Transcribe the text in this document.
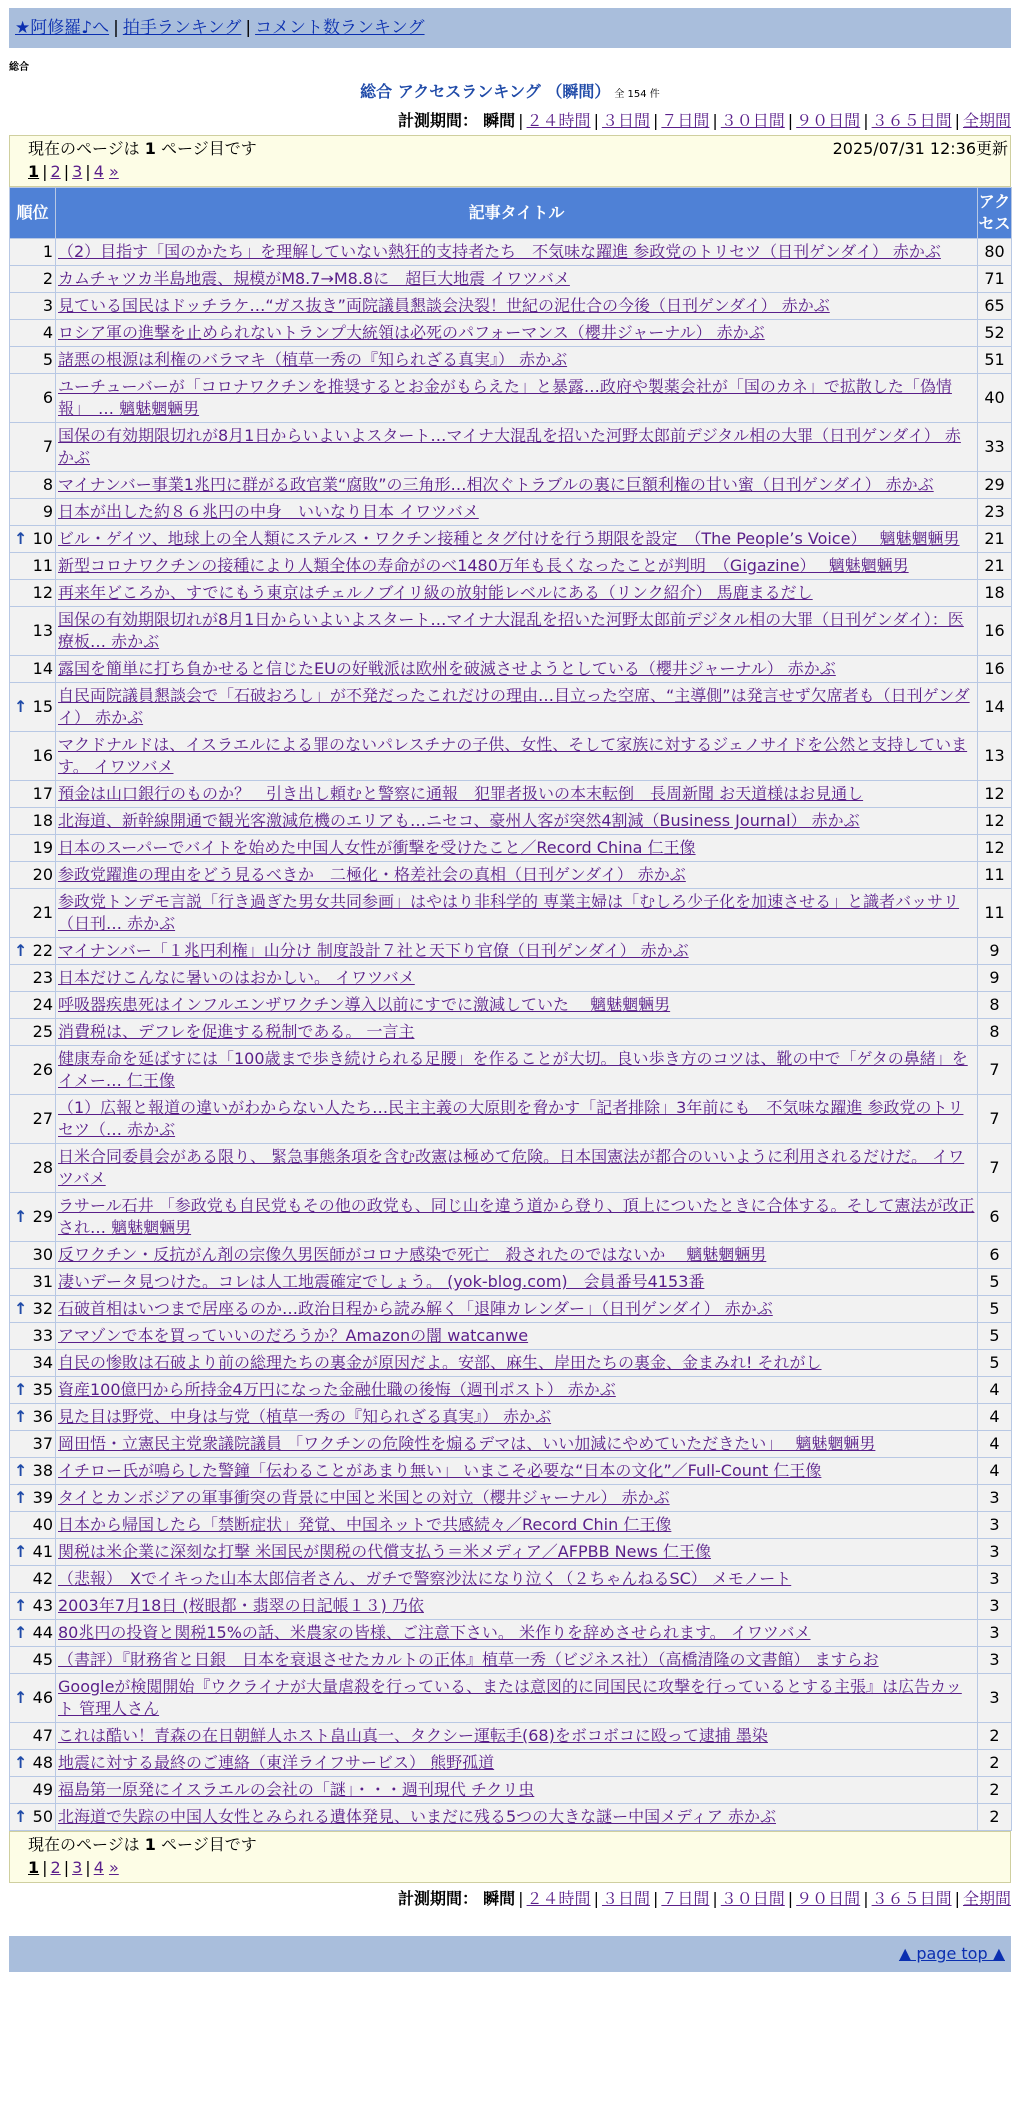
★阿修羅♪へ | 拍手ランキング | コメント数ランキング
総合
総合 アクセスランキング （瞬間） 全 154 件
計測期間： 瞬間 | ２４時間 | ３日間 | ７日間 | ３０日間 | ９０日間 | ３６５日間 | 全期間
現在のページは 1 ページ目です	2025/07/31 12:36更新
1 | 2 | 3 | 4 »
順位	記事タイトル	アクセス
1	（2）目指す「国のかたち」を理解していない熱狂的支持者たち　不気味な躍進 参政党のトリセツ（日刊ゲンダイ） 赤かぶ	80
2	カムチャツカ半島地震、規模がM8.7→M8.8に　超巨大地震 イワツバメ	71
3	見ている国民はドッチラケ…“ガス抜き”両院議員懇談会決裂！世紀の泥仕合の今後（日刊ゲンダイ） 赤かぶ	65
4	ロシア軍の進撃を止められないトランプ大統領は必死のパフォーマンス（櫻井ジャーナル） 赤かぶ	52
5	諸悪の根源は利権のバラマキ（植草一秀の『知られざる真実』） 赤かぶ	51
6	ユーチューバーが「コロナワクチンを推奨するとお金がもらえた」と暴露…政府や製薬会社が「国のカネ」で拡散した「偽情報」　… 魑魅魍魎男	40
7	国保の有効期限切れが8月1日からいよいよスタート…マイナ大混乱を招いた河野太郎前デジタル相の大罪（日刊ゲンダイ） 赤かぶ	33
8	マイナンバー事業1兆円に群がる政官業“腐敗”の三角形…相次ぐトラブルの裏に巨額利権の甘い蜜（日刊ゲンダイ） 赤かぶ	29
9	日本が出した約８６兆円の中身　いいなり日本 イワツバメ	23

↑ 10	ビル・ゲイツ、地球上の全人類にステルス・ワクチン接種とタグ付けを行う期限を設定　（The People’s Voice）　 魑魅魍魎男	21
11	新型コロナワクチンの接種により人類全体の寿命がのべ1480万年も長くなったことが判明　（Gigazine）　 魑魅魍魎男	21
12	再来年どころか、すでにもう東京はチェルノブイリ級の放射能レベルにある（リンク紹介） 馬鹿まるだし	18
13	国保の有効期限切れが8月1日からいよいよスタート…マイナ大混乱を招いた河野太郎前デジタル相の大罪（日刊ゲンダイ）：医療板… 赤かぶ	16
14	露国を簡単に打ち負かせると信じたEUの好戦派は欧州を破滅させようとしている（櫻井ジャーナル） 赤かぶ	16

↑ 15	自民両院議員懇談会で「石破おろし」が不発だったこれだけの理由…目立った空席、“主導側”は発言せず欠席者も（日刊ゲンダイ） 赤かぶ	14
16	マクドナルドは、イスラエルによる罪のないパレスチナの子供、女性、そして家族に対するジェノサイドを公然と支持しています。 イワツバメ	13
17	預金は山口銀行のものか？　引き出し頼むと警察に通報　犯罪者扱いの本末転倒　長周新聞 お天道様はお見通し	12
18	北海道、新幹線開通で観光客激減危機のエリアも…ニセコ、豪州人客が突然4割減（Business Journal） 赤かぶ	12
19	日本のスーパーでバイトを始めた中国人女性が衝撃を受けたこと／Record China 仁王像	12
20	参政党躍進の理由をどう見るべきか　二極化・格差社会の真相（日刊ゲンダイ） 赤かぶ	11
21	参政党トンデモ言説「行き過ぎた男女共同参画」はやはり非科学的 専業主婦は「むしろ少子化を加速させる」と識者バッサリ（日刊… 赤かぶ	11

↑ 22	マイナンバー「１兆円利権」山分け 制度設計７社と天下り官僚（日刊ゲンダイ） 赤かぶ	9
23	日本だけこんなに暑いのはおかしい。 イワツバメ	9
24	呼吸器疾患死はインフルエンザワクチン導入以前にすでに激減していた　 魑魅魍魎男	8
25	消費税は、デフレを促進する税制である。 一言主	8
26	健康寿命を延ばすには「100歳まで歩き続けられる足腰」を作ることが大切。良い歩き方のコツは、靴の中で「ゲタの鼻緒」をイメー… 仁王像	7
27	（1）広報と報道の違いがわからない人たち…民主主義の大原則を脅かす「記者排除」3年前にも　不気味な躍進 参政党のトリセツ（… 赤かぶ	7
28	日米合同委員会がある限り、 緊急事態条項を含む改憲は極めて危険。日本国憲法が都合のいいように利用されるだけだ。 イワツバメ	7

↑ 29	ラサール石井 「参政党も自民党もその他の政党も、同じ山を違う道から登り、頂上についたときに合体する。そして憲法が改正され… 魑魅魍魎男	6
30	反ワクチン・反抗がん剤の宗像久男医師がコロナ感染で死亡　殺されたのではないか　 魑魅魍魎男	6
31	凄いデータ見つけた。コレは人工地震確定でしょう。 (yok-blog.com)　会員番号4153番	5

↑ 32	石破首相はいつまで居座るのか…政治日程から読み解く「退陣カレンダー」（日刊ゲンダイ） 赤かぶ	5
33	アマゾンで本を買っていいのだろうか？Amazonの闇 watcanwe	5
34	自民の惨敗は石破より前の総理たちの裏金が原因だよ。安部、麻生、岸田たちの裏金、金まみれ! それがし	5

↑ 35	資産100億円から所持金4万円になった金融仕職の後悔（週刊ポスト） 赤かぶ	4

↑ 36	見た目は野党、中身は与党（植草一秀の『知られざる真実』） 赤かぶ	4
37	岡田悟・立憲民主党衆議院議員 「ワクチンの危険性を煽るデマは、いい加減にやめていただきたい」　 魑魅魍魎男	4

↑ 38	イチロー氏が鳴らした警鐘「伝わることがあまり無い」 いまこそ必要な“日本の文化”／Full-Count 仁王像	4

↑ 39	タイとカンボジアの軍事衝突の背景に中国と米国との対立（櫻井ジャーナル） 赤かぶ	3
40	日本から帰国したら「禁断症状」発覚、中国ネットで共感続々／Record Chin 仁王像	3

↑ 41	関税は米企業に深刻な打撃 米国民が関税の代償支払う＝米メディア／AFPBB News 仁王像	3
42	（悲報）　Xでイキった山本太郎信者さん、ガチで警察沙汰になり泣く（２ちゃんねるSC） メモノート	3

↑ 43	2003年7月18日 (桜眼都・翡翠の日記帳１３) 乃依	3

↑ 44	80兆円の投資と関税15%の話、米農家の皆様、ご注意下さい。 米作りを辞めさせられます。 イワツバメ	3
45	（書評）『財務省と日銀　日本を衰退させたカルトの正体』植草一秀（ビジネス社）（高橋清隆の文書館） ますらお	3

↑ 46	Googleが検閲開始『ウクライナが大量虐殺を行っている、または意図的に同国民に攻撃を行っているとする主張』は広告カット 管理人さん	3
47	これは酷い！青森の在日朝鮮人ホスト畠山真一、タクシー運転手(68)をボコボコに殴って逮捕 墨染	2

↑ 48	地震に対する最終のご連絡（東洋ライフサービス） 熊野孤道	2
49	福島第一原発にイスラエルの会社の「謎」・・・週刊現代 チクリ虫	2

↑ 50	北海道で失踪の中国人女性とみられる遺体発見、いまだに残る5つの大きな謎ー中国メディア 赤かぶ	2
現在のページは 1 ページ目です
1 | 2 | 3 | 4 »
計測期間： 瞬間 | ２４時間 | ３日間 | ７日間 | ３０日間 | ９０日間 | ３６５日間 | 全期間
▲ page top ▲
